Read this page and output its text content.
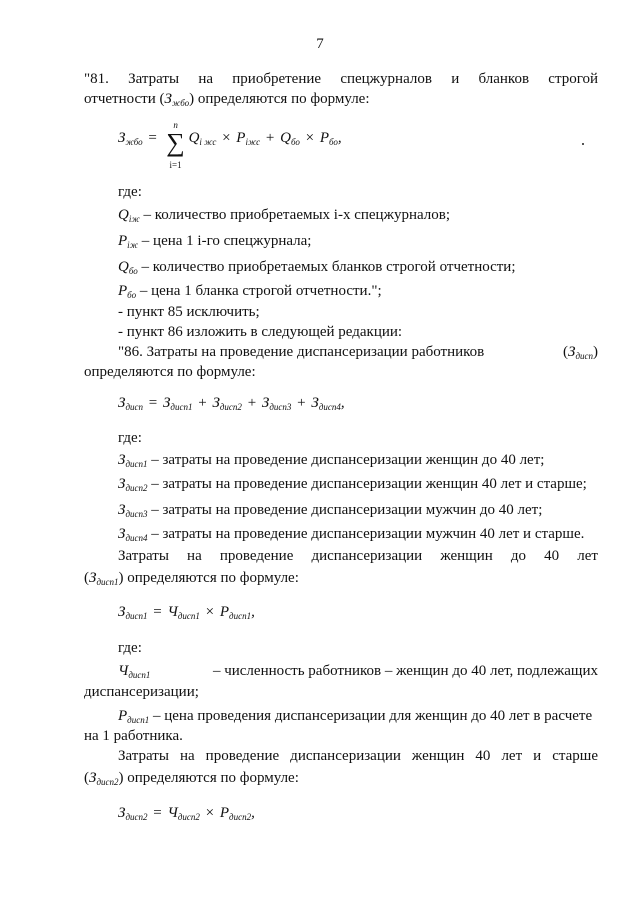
7
"81. Затраты на приобретение спецжурналов и бланков строгой
отчетности $(З_{жбо})$ определяются по формуле:
$З_{жбо}$ =
n
∑
i=1
$Q_{i жс} \times P_{iжс} + Q_{бо} \times P_{бо}$,
где:
$Q_{iж}$ – количество приобретаемых i-х спецжурналов;
$P_{iж}$ – цена 1 i-го спецжурнала;
$Q_{бо}$ – количество приобретаемых бланков строгой отчетности;
$P_{бо}$ – цена 1 бланка строгой отчетности.";
- пункт 85 исключить;
- пункт 86 изложить в следующей редакции:
"86. Затраты на проведение диспансеризации работников	$(З_{дисп})$
определяются по формуле:
$З_{дисп} = З_{дисп1} + З_{дисп2} + З_{дисп3} + З_{дисп4}$,
где:
$З_{дисп1}$ – затраты на проведение диспансеризации женщин до 40 лет;
$З_{дисп2}$ – затраты на проведение диспансеризации женщин 40 лет и старше;
$З_{дисп3}$ – затраты на проведение диспансеризации мужчин до 40 лет;
$З_{дисп4}$ – затраты на проведение диспансеризации мужчин 40 лет и старше.
Затраты на проведение диспансеризации женщин до 40 лет
$(З_{дисп1})$ определяются по формуле:
$З_{дисп1} = Ч_{дисп1} \times P_{дисп1}$,
где:
$Ч_{дисп1}$	– численность работников – женщин до 40 лет, подлежащих
диспансеризации;
$P_{дисп1}$ – цена проведения диспансеризации для женщин до 40 лет в расчете
на 1 работника.
Затраты на проведение диспансеризации женщин 40 лет и старше
$(З_{дисп2})$ определяются по формуле:
$З_{дисп2} = Ч_{дисп2} \times P_{дисп2}$,
